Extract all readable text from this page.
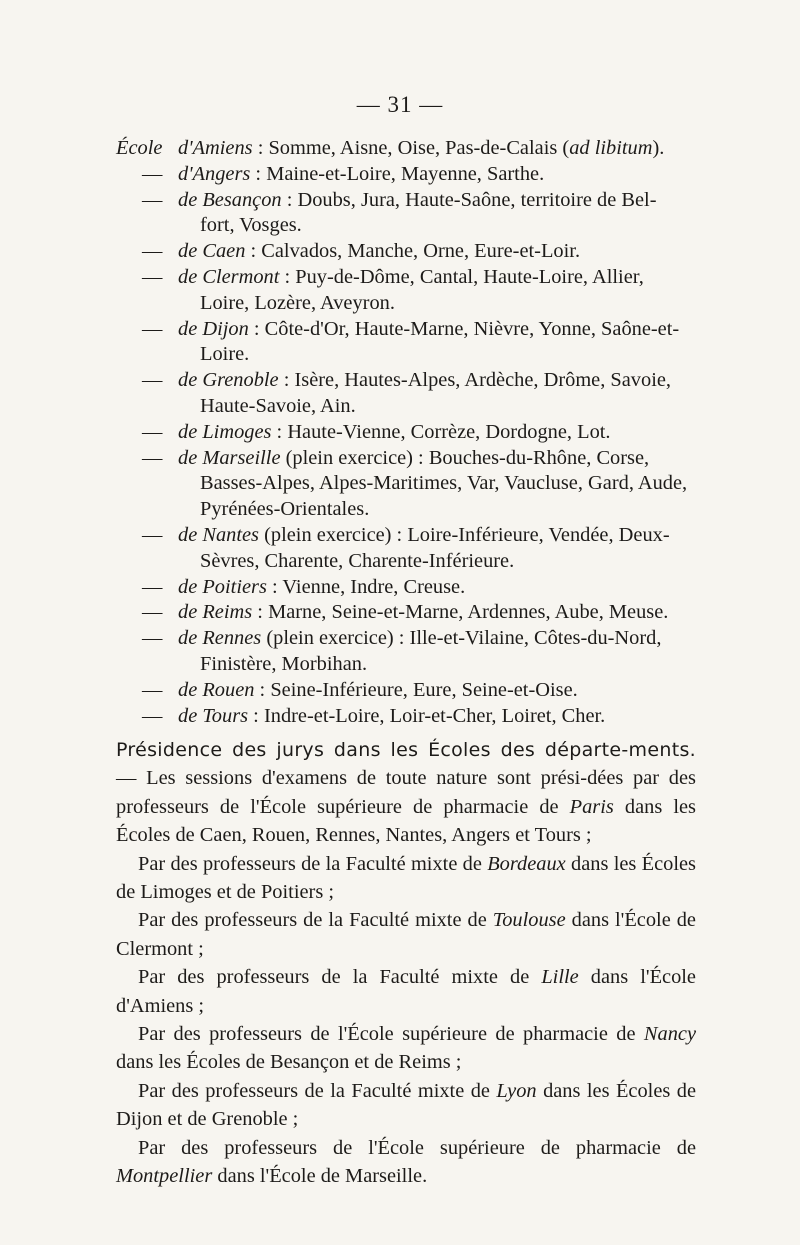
— 31 —
École d'Amiens : Somme, Aisne, Oise, Pas-de-Calais (ad libitum).
— d'Angers : Maine-et-Loire, Mayenne, Sarthe.
— de Besançon : Doubs, Jura, Haute-Saône, territoire de Bel-
fort, Vosges.
— de Caen : Calvados, Manche, Orne, Eure-et-Loir.
— de Clermont : Puy-de-Dôme, Cantal, Haute-Loire, Allier,
Loire, Lozère, Aveyron.
— de Dijon : Côte-d'Or, Haute-Marne, Nièvre, Yonne, Saône-et-
Loire.
— de Grenoble : Isère, Hautes-Alpes, Ardèche, Drôme, Savoie,
Haute-Savoie, Ain.
— de Limoges : Haute-Vienne, Corrèze, Dordogne, Lot.
— de Marseille (plein exercice) : Bouches-du-Rhône, Corse,
Basses-Alpes, Alpes-Maritimes, Var, Vaucluse, Gard, Aude,
Pyrénées-Orientales.
— de Nantes (plein exercice) : Loire-Inférieure, Vendée, Deux-
Sèvres, Charente, Charente-Inférieure.
— de Poitiers : Vienne, Indre, Creuse.
— de Reims : Marne, Seine-et-Marne, Ardennes, Aube, Meuse.
— de Rennes (plein exercice) : Ille-et-Vilaine, Côtes-du-Nord,
Finistère, Morbihan.
— de Rouen : Seine-Inférieure, Eure, Seine-et-Oise.
— de Tours : Indre-et-Loire, Loir-et-Cher, Loiret, Cher.

Présidence des jurys dans les Écoles des départe-ments. — Les sessions d'examens de toute nature sont prési-dées par des professeurs de l'École supérieure de pharmacie de Paris dans les Écoles de Caen, Rouen, Rennes, Nantes, Angers et Tours ;

Par des professeurs de la Faculté mixte de Bordeaux dans les Écoles de Limoges et de Poitiers ;

Par des professeurs de la Faculté mixte de Toulouse dans l'École de Clermont ;

Par des professeurs de la Faculté mixte de Lille dans l'École d'Amiens ;

Par des professeurs de l'École supérieure de pharmacie de Nancy dans les Écoles de Besançon et de Reims ;

Par des professeurs de la Faculté mixte de Lyon dans les Écoles de Dijon et de Grenoble ;

Par des professeurs de l'École supérieure de pharmacie de Montpellier dans l'École de Marseille.
